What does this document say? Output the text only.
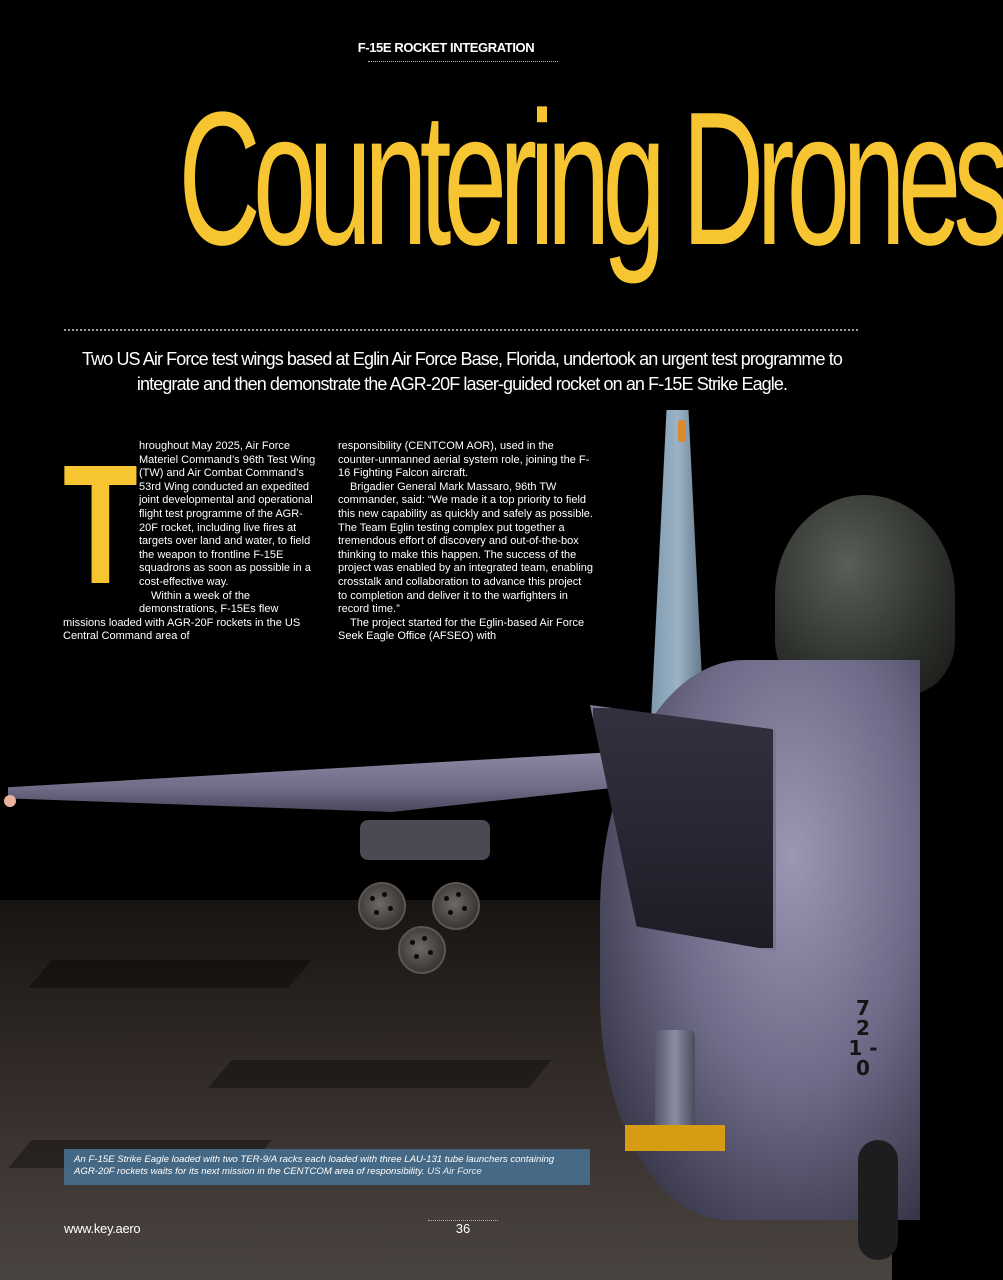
7 2 1 - 0
F-15E ROCKET INTEGRATION
Countering Drones
Two US Air Force test wings based at Eglin Air Force Base, Florida, undertook an urgent test programme to integrate and then demonstrate the AGR-20F laser-guided rocket on an F-15E Strike Eagle.
T hroughout May 2025, Air Force Materiel Command’s 96th Test Wing (TW) and Air Combat Command’s 53rd Wing conducted an expedited joint developmental and operational flight test programme of the AGR-20F rocket, including live fires at targets over land and water, to field the weapon to frontline F-15E squadrons as soon as possible in a cost-effective way.

Within a week of the demonstrations, F-15Es flew missions loaded with AGR-20F rockets in the US Central Command area of

responsibility (CENTCOM AOR), used in the counter-unmanned aerial system role, joining the F-16 Fighting Falcon aircraft.

Brigadier General Mark Massaro, 96th TW commander, said: “We made it a top priority to field this new capability as quickly and safely as possible. The Team Eglin testing complex put together a tremendous effort of discovery and out-of-the-box thinking to make this happen. The success of the project was enabled by an integrated team, enabling crosstalk and collaboration to advance this project to completion and deliver it to the warfighters in record time.”

The project started for the Eglin-based Air Force Seek Eagle Office (AFSEO) with

An F-15E Strike Eagle loaded with two TER-9/A racks each loaded with three LAU-131 tube launchers containing AGR-20F rockets waits for its next mission in the CENTCOM area of responsibility. US Air Force
www.key.aero	36
